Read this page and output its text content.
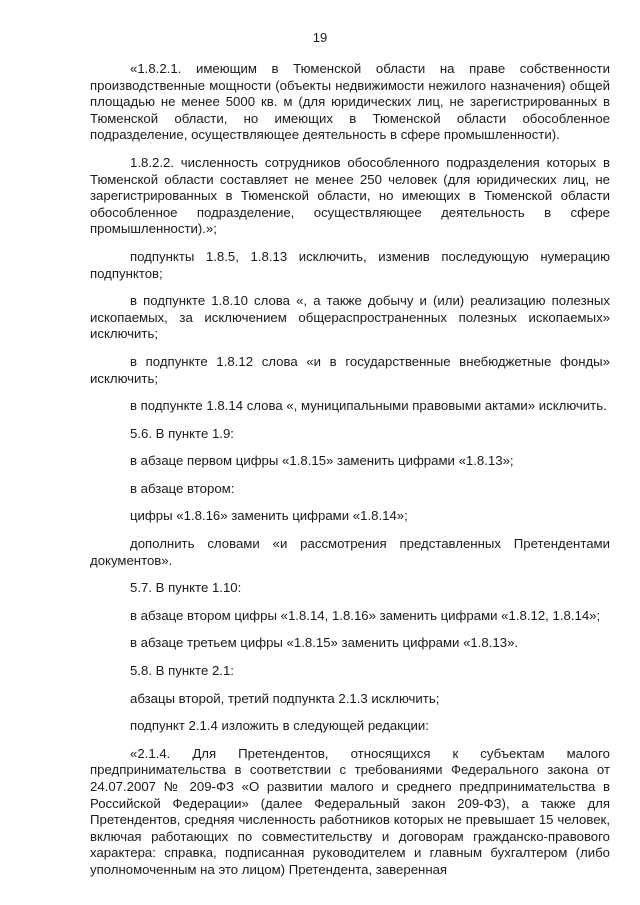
19

«1.8.2.1. имеющим в Тюменской области на праве собственности производственные мощности (объекты недвижимости нежилого назначения) общей площадью не менее 5000 кв. м (для юридических лиц, не зарегистрированных в Тюменской области, но имеющих в Тюменской области обособленное подразделение, осуществляющее деятельность в сфере промышленности).

1.8.2.2. численность сотрудников обособленного подразделения которых в Тюменской области составляет не менее 250 человек (для юридических лиц, не зарегистрированных в Тюменской области, но имеющих в Тюменской области обособленное подразделение, осуществляющее деятельность в сфере промышленности).»;

подпункты 1.8.5, 1.8.13 исключить, изменив последующую нумерацию подпунктов;

в подпункте 1.8.10 слова «, а также добычу и (или) реализацию полезных ископаемых, за исключением общераспространенных полезных ископаемых» исключить;

в подпункте 1.8.12 слова «и в государственные внебюджетные фонды» исключить;

в подпункте 1.8.14 слова «, муниципальными правовыми актами» исключить.

5.6. В пункте 1.9:

в абзаце первом цифры «1.8.15» заменить цифрами «1.8.13»;

в абзаце втором:

цифры «1.8.16» заменить цифрами «1.8.14»;

дополнить словами «и рассмотрения представленных Претендентами документов».

5.7. В пункте 1.10:

в абзаце втором цифры «1.8.14, 1.8.16» заменить цифрами «1.8.12, 1.8.14»;

в абзаце третьем цифры «1.8.15» заменить цифрами «1.8.13».

5.8. В пункте 2.1:

абзацы второй, третий подпункта 2.1.3 исключить;

подпункт 2.1.4 изложить в следующей редакции:

«2.1.4. Для Претендентов, относящихся к субъектам малого предпринимательства в соответствии с требованиями Федерального закона от 24.07.2007 № 209-ФЗ «О развитии малого и среднего предпринимательства в Российской Федерации» (далее Федеральный закон 209-ФЗ), а также для Претендентов, средняя численность работников которых не превышает 15 человек, включая работающих по совместительству и договорам гражданско-правового характера: справка, подписанная руководителем и главным бухгалтером (либо уполномоченным на это лицом) Претендента, заверенная
